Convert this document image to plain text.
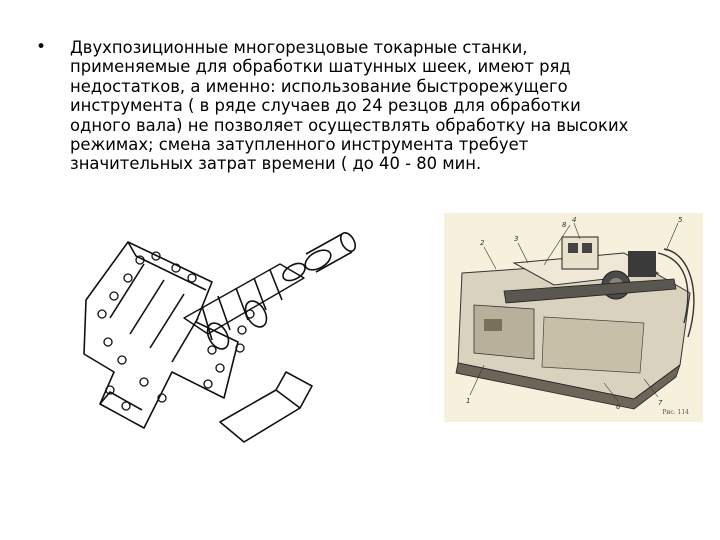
• Двухпозиционные многорезцовые токарные станки,
применяемые для обработки шатунных шеек, имеют ряд
недостатков, а именно: использование быстрорежущего
инструмента ( в ряде случаев до 24 резцов для обработки
одного вала) не позволяет осуществлять обработку на высоких
режимах; смена затупленного инструмента требует
значительных затрат времени ( до 40 - 80 мин.
1
2	3
4	5
6	7
8
Рис. 114
